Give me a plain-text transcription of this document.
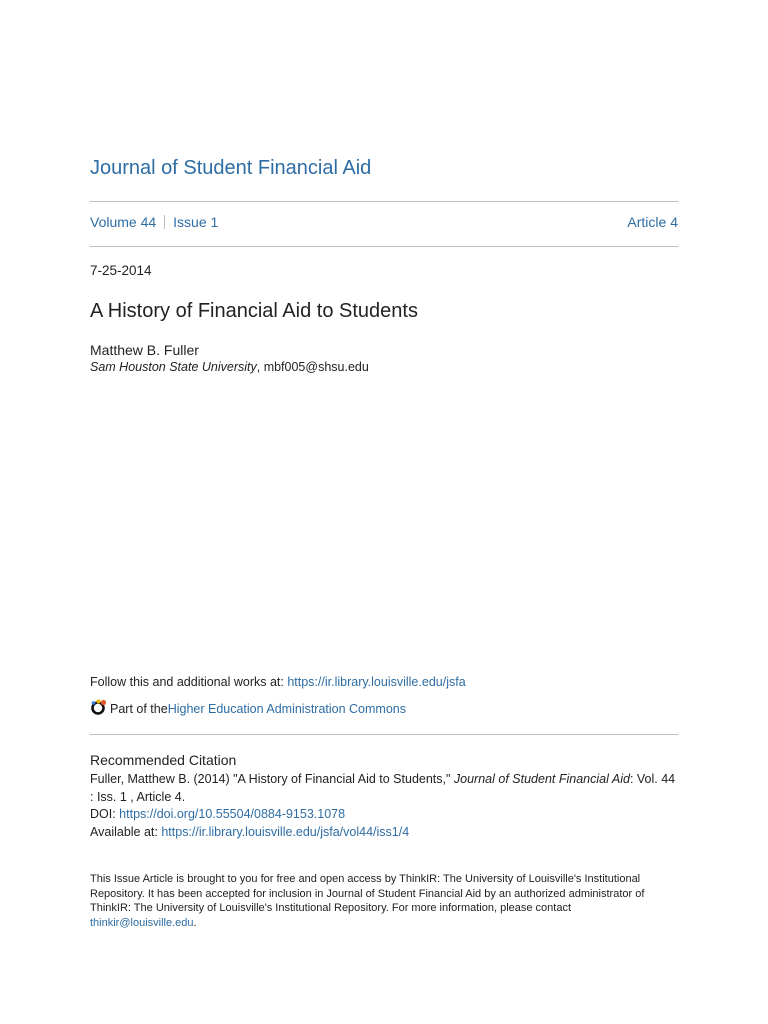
Journal of Student Financial Aid
Volume 44 Issue 1	Article 4
7-25-2014
A History of Financial Aid to Students
Matthew B. Fuller
Sam Houston State University, mbf005@shsu.edu
Follow this and additional works at: https://ir.library.louisville.edu/jsfa
Part of the Higher Education Administration Commons
Recommended Citation
Fuller, Matthew B. (2014) "A History of Financial Aid to Students," Journal of Student Financial Aid: Vol. 44 : Iss. 1 , Article 4.
DOI: https://doi.org/10.55504/0884-9153.1078
Available at: https://ir.library.louisville.edu/jsfa/vol44/iss1/4
This Issue Article is brought to you for free and open access by ThinkIR: The University of Louisville's Institutional Repository. It has been accepted for inclusion in Journal of Student Financial Aid by an authorized administrator of ThinkIR: The University of Louisville's Institutional Repository. For more information, please contact thinkir@louisville.edu.
